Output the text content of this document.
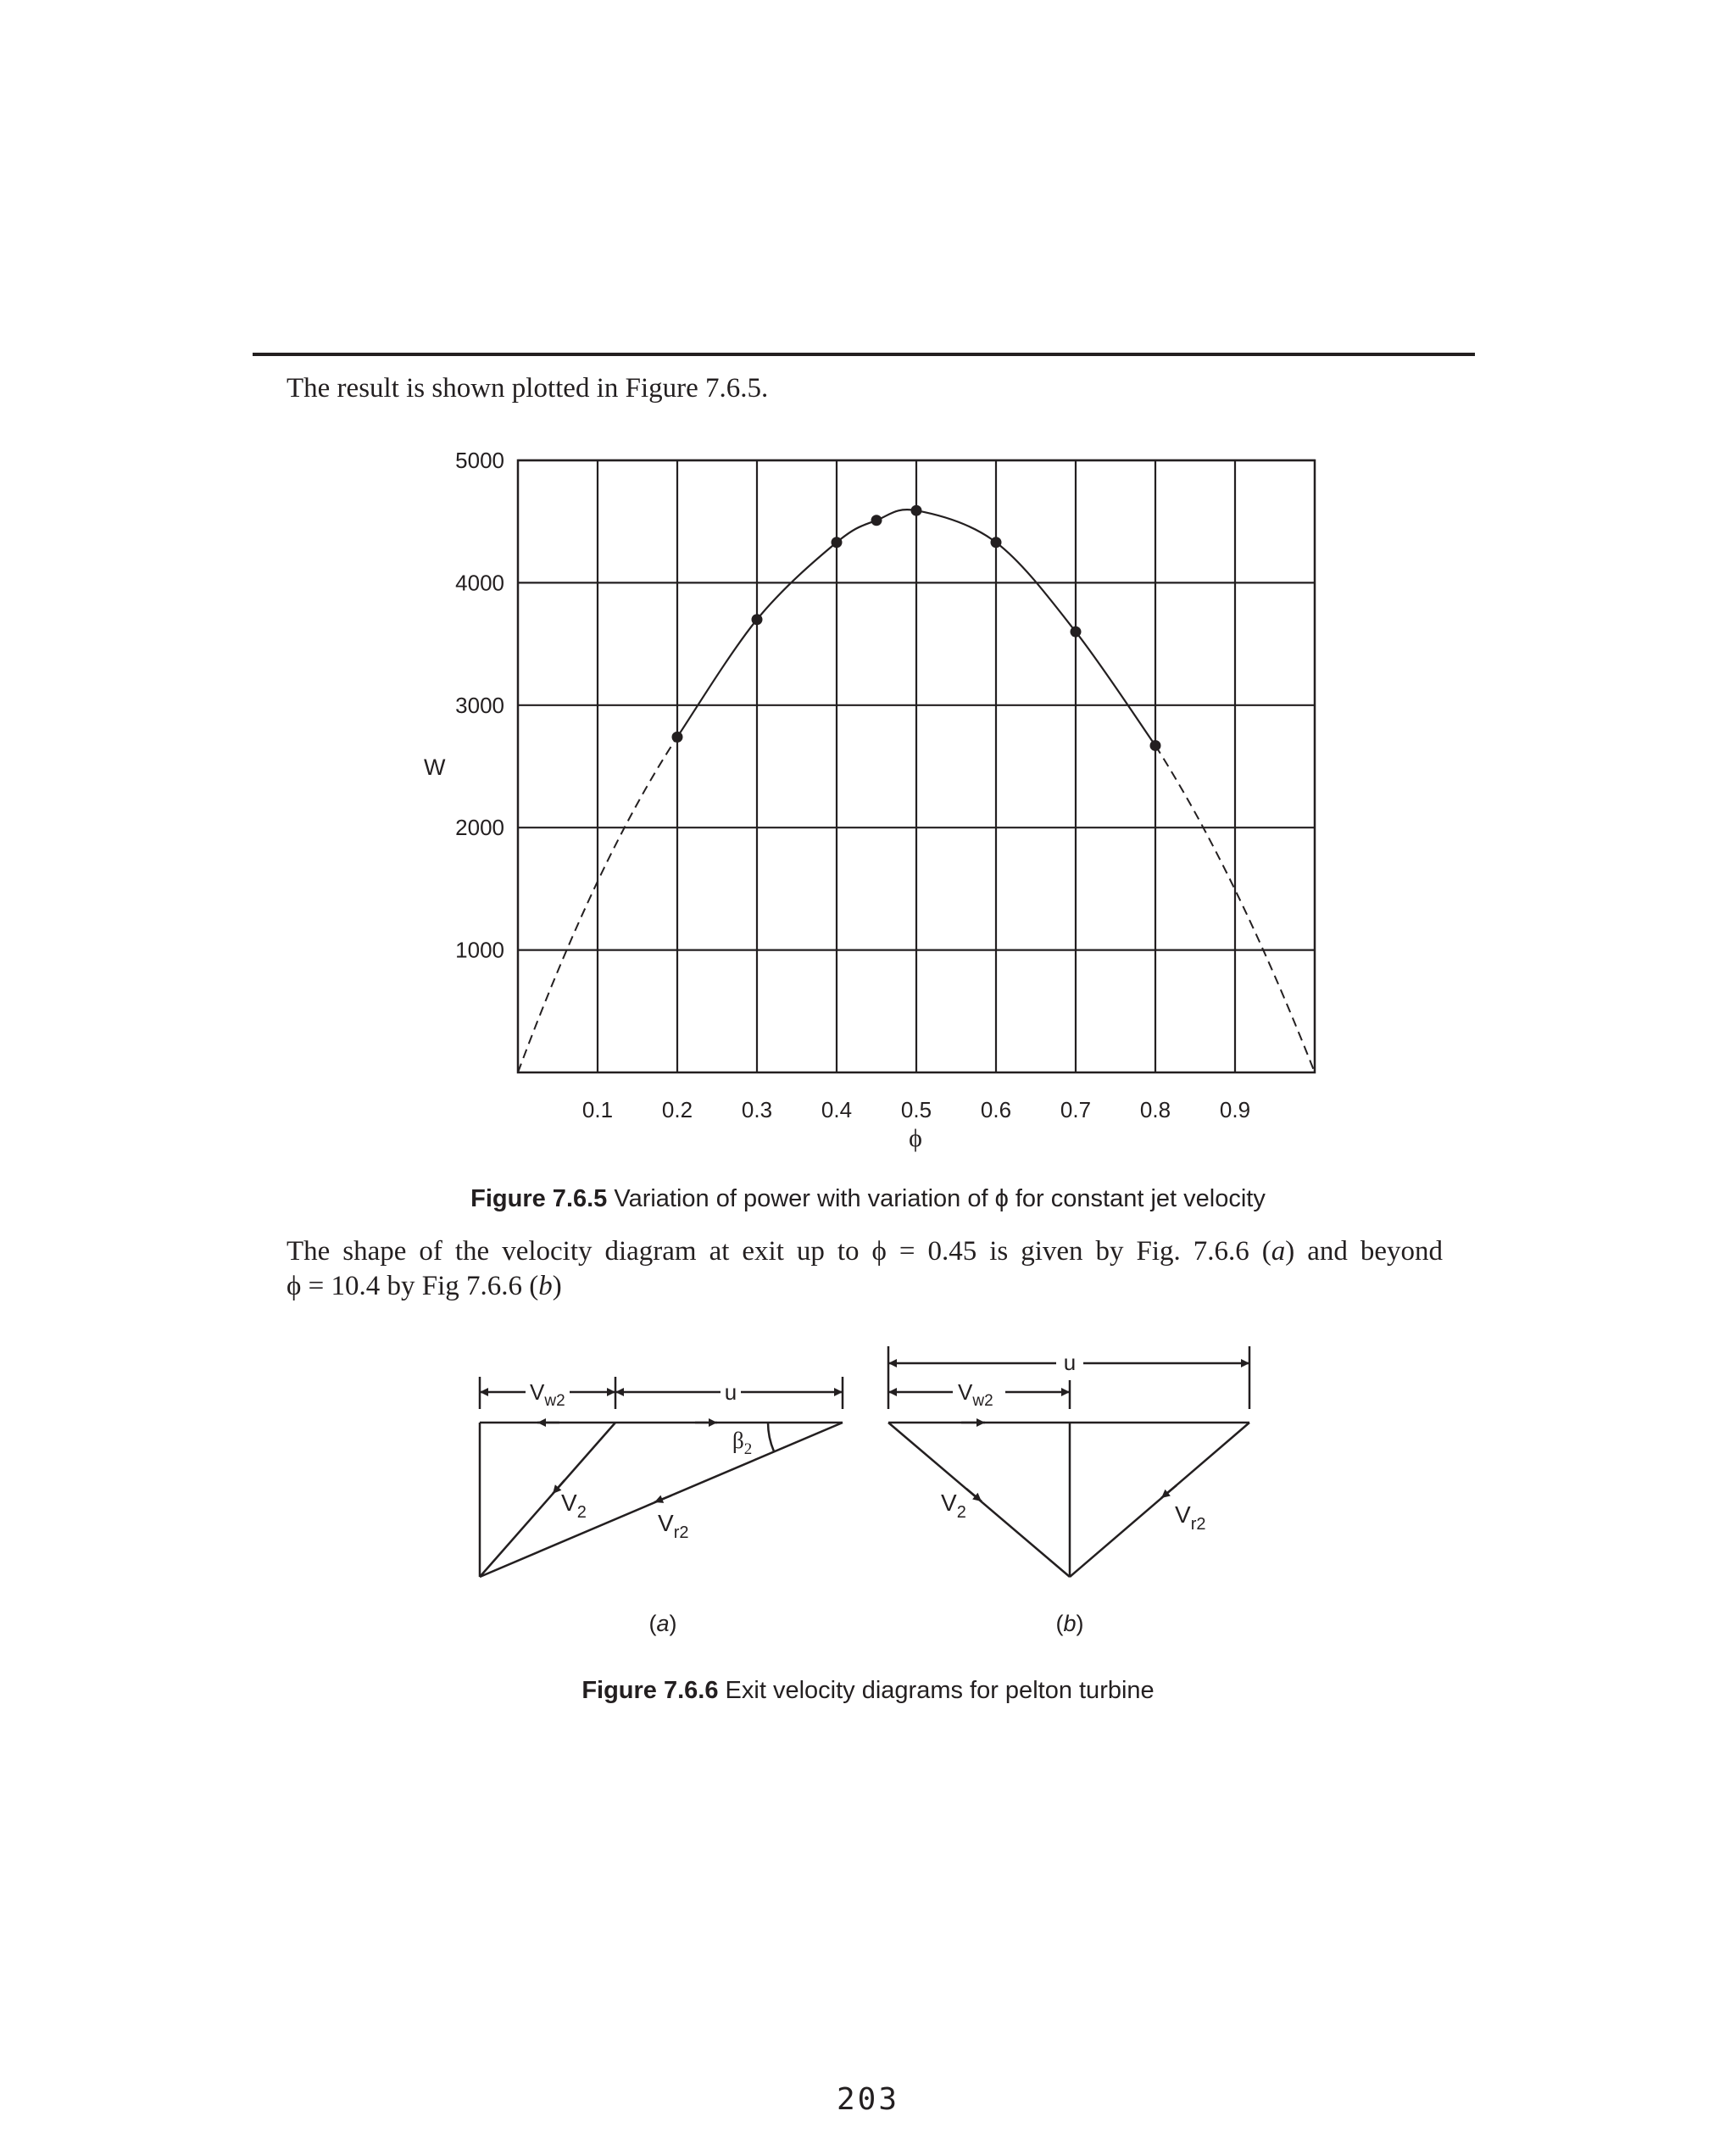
The result is shown plotted in Figure 7.6.5.
0.1 0.2 0.3 0.4 0.5 0.6 0.7 0.8 0.9
1000
2000
3000
4000
5000
W
ϕ
Figure 7.6.5 Variation of power with variation of ϕ for constant jet velocity
The shape of the velocity diagram at exit up to ϕ = 0.45 is given by Fig. 7.6.6 (a) and beyond
ϕ = 10.4 by Fig 7.6.6 (b)
$V_{w2}$	u
$\beta_2$
$V_2$	$V_{r2}$
(a)
u
$V_{w2}$
$V_2$	$V_{r2}$
(b)
Figure 7.6.6 Exit velocity diagrams for pelton turbine
203
